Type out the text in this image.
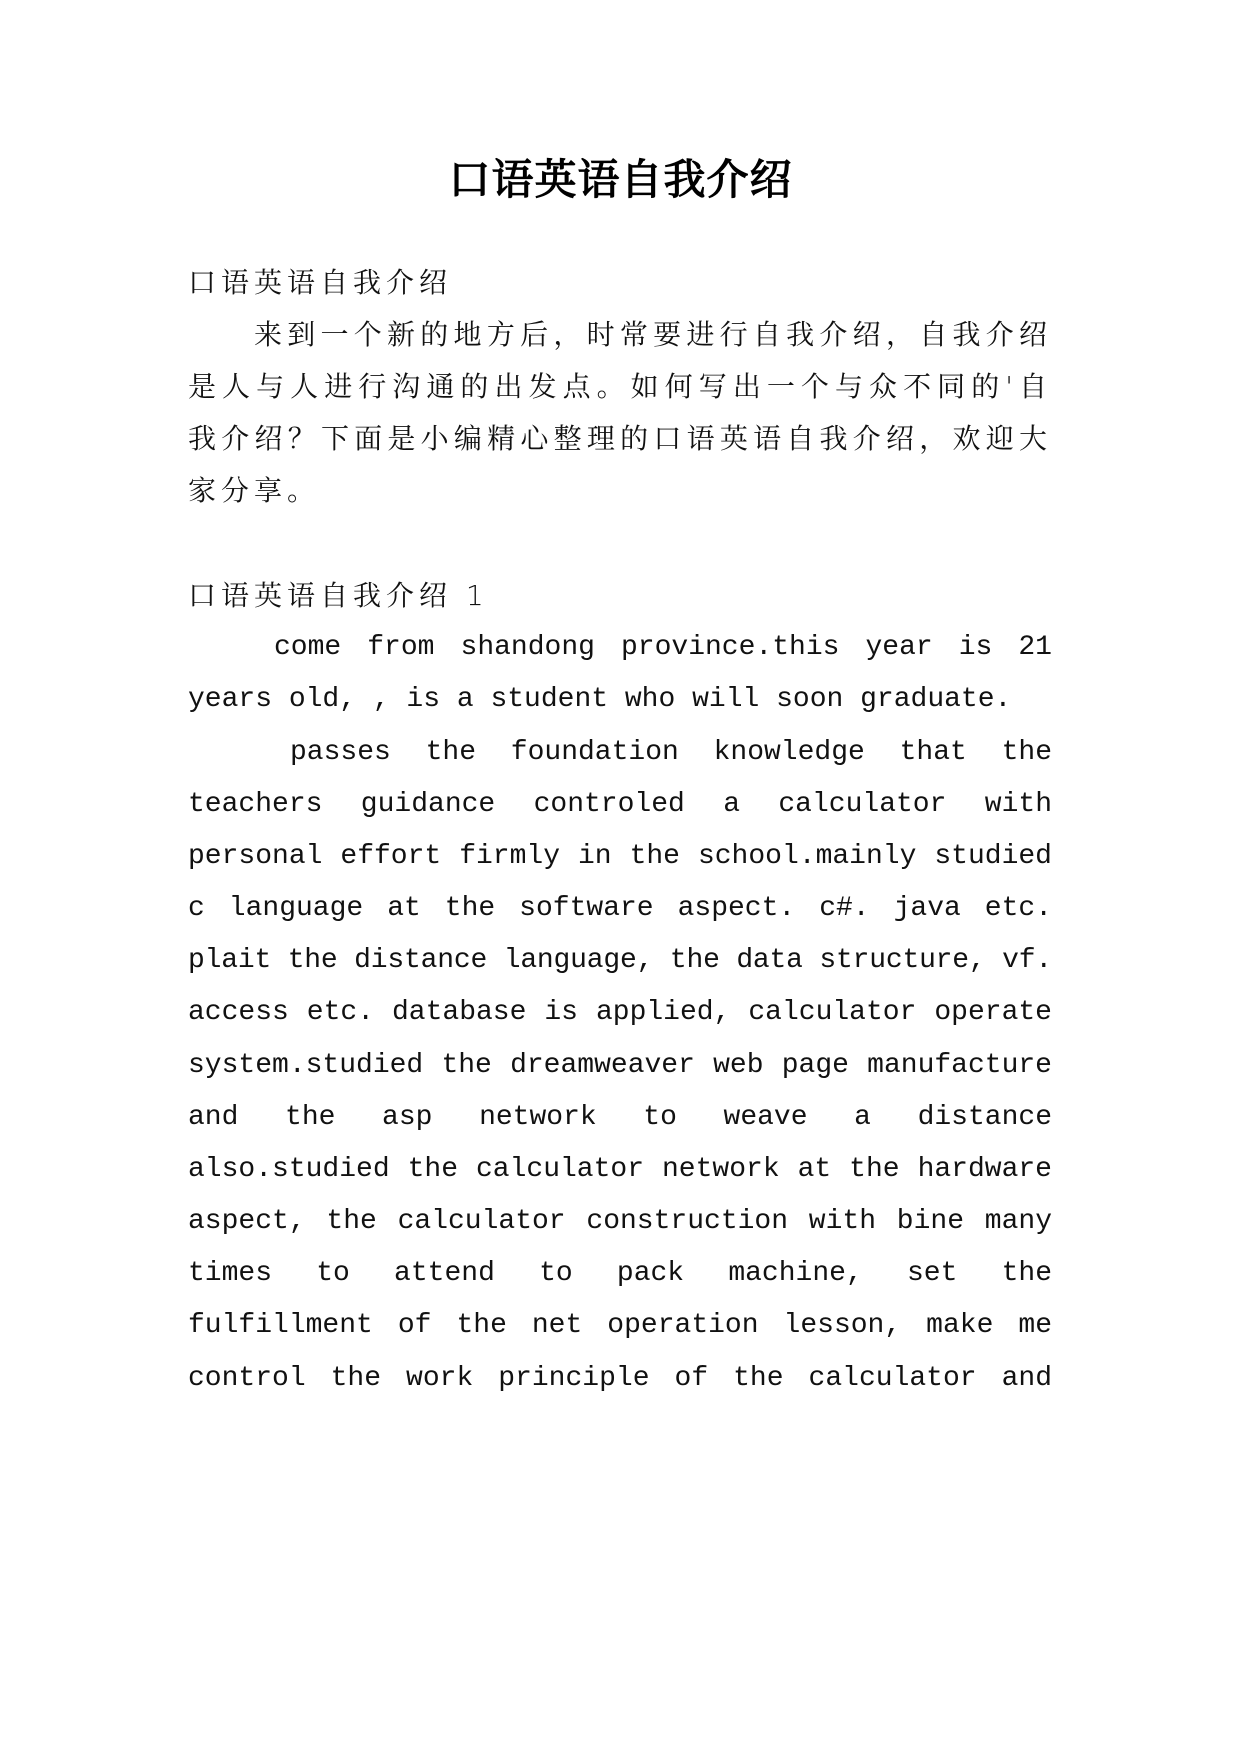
口语英语自我介绍
口语英语自我介绍
来到一个新的地方后，时常要进行自我介绍，自我介绍
是人与人进行沟通的出发点。如何写出一个与众不同的'自
我介绍？下面是小编精心整理的口语英语自我介绍，欢迎大
家分享。
口语英语自我介绍 1
come from shandong province.this year is 21
years old, , is a student who will soon graduate.
passes the foundation knowledge that the
teachers guidance controled a calculator with
personal effort firmly in the school.mainly studied
c language at the software aspect. c#. java etc.
plait the distance language, the data structure, vf.
access etc. database is applied, calculator operate
system.studied the dreamweaver web page manufacture
and the asp network to weave a distance
also.studied the calculator network at the hardware
aspect, the calculator construction with bine many
times to attend to pack machine, set the
fulfillment of the net operation lesson, make me
control the work principle of the calculator and
